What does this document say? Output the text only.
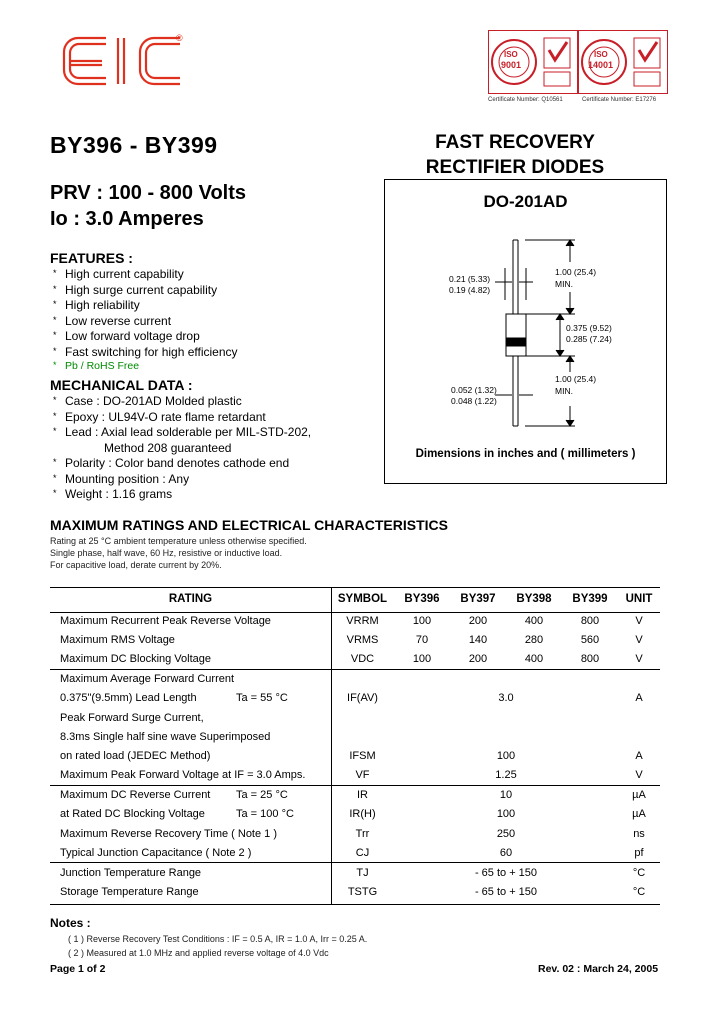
®
ISO
9001
ISO
14001
Certificate Number: Q10561	Certificate Number: E17276
BY396 - BY399
PRV : 100 - 800 Volts
Io : 3.0 Amperes
FAST RECOVERY
RECTIFIER DIODES
DO-201AD
1.00 (25.4)
MIN.
0.21 (5.33)
0.19 (4.82)
0.375 (9.52)
0.285 (7.24)
0.052 (1.32)
0.048 (1.22)
1.00 (25.4)
MIN.
Dimensions in inches and ( millimeters )
FEATURES :
* High current capability
* High surge current capability
* High reliability
* Low reverse current
* Low forward voltage drop
* Fast switching for high efficiency
* Pb / RoHS Free
MECHANICAL DATA :
* Case : DO-201AD Molded plastic
* Epoxy : UL94V-O rate flame retardant
* Lead : Axial lead solderable per MIL-STD-202,
Method 208 guaranteed
* Polarity : Color band denotes cathode end
* Mounting position : Any
* Weight : 1.16 grams
MAXIMUM RATINGS AND ELECTRICAL CHARACTERISTICS
Rating at 25 °C ambient temperature unless otherwise specified.
Single phase, half wave, 60 Hz, resistive or inductive load.
For capacitive load, derate current by 20%.
RATING	SYMBOL	BY396	BY397	BY398	BY399	UNIT
Maximum Recurrent Peak Reverse Voltage	VRRM	100	200	400	800	V
Maximum RMS Voltage	VRMS	70	140	280	560	V
Maximum DC Blocking Voltage	VDC	100	200	400	800	V
Maximum Average Forward Current						
0.375"(9.5mm) Lead Length Ta = 55 °C	IF(AV)	3.0				A
Peak Forward Surge Current,						
8.3ms Single half sine wave Superimposed						
on rated load (JEDEC Method)	IFSM	100				A
Maximum Peak Forward Voltage at IF = 3.0 Amps.	VF	1.25				V
Maximum DC Reverse Current Ta = 25 °C	IR	10				µA
at Rated DC Blocking Voltage Ta = 100 °C	IR(H)	100				µA
Maximum Reverse Recovery Time ( Note 1 )	Trr	250				ns
Typical Junction Capacitance ( Note 2 )	CJ	60				pf
Junction Temperature Range	TJ	- 65 to + 150				°C
Storage Temperature Range	TSTG	- 65 to + 150				°C
Notes :
( 1 ) Reverse Recovery Test Conditions : IF = 0.5 A, IR = 1.0 A, Irr = 0.25 A.
( 2 ) Measured at 1.0 MHz and applied reverse voltage of 4.0 Vdc
Page 1 of 2	Rev. 02 : March 24, 2005
